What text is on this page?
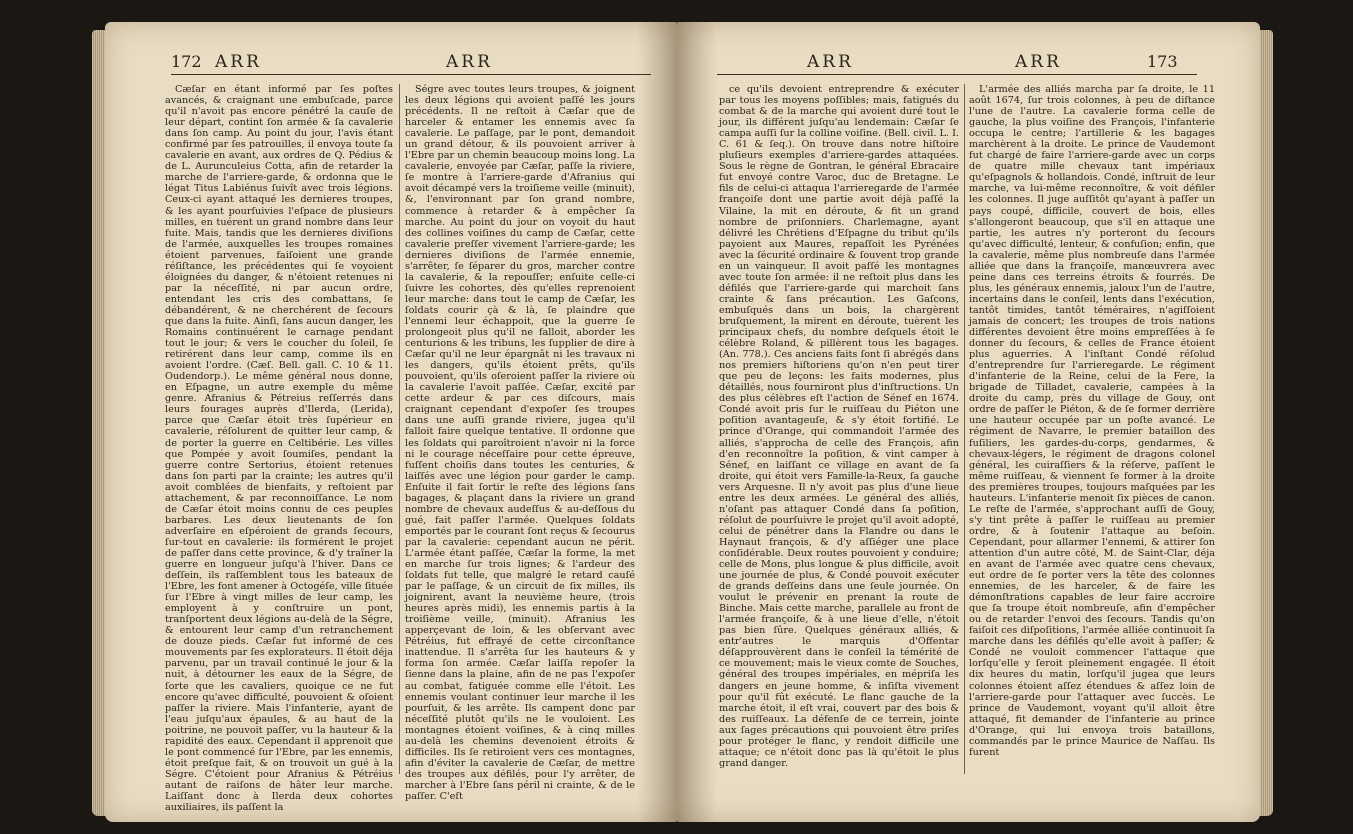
172 ARR	ARR

Cæſar en étant informé par ſes poſtes avancés, & craignant une embuſcade, parce qu'il n'avoit pas encore pénétré la cauſe de leur départ, contint ſon armée & ſa cavalerie dans ſon camp. Au point du jour, l'avis étant confirmé par ſes patrouilles, il envoya toute ſa cavalerie en avant, aux ordres de Q. Pédius & de L. Aurunculeius Cotta, afin de retarder la marche de l'arriere-garde, & ordonna que le légat Titus Labiénus ſuivît avec trois légions. Ceux-ci ayant attaqué les dernieres troupes, & les ayant pourſuivies l'eſpace de plusieurs milles, en tuérent un grand nombre dans leur fuite. Mais, tandis que les dernieres diviſions de l'armée, auxquelles les troupes romaines étoient parvenues, faiſoient une grande réſiſtance, les précédentes qui ſe voyoient éloignées du danger, & n'étoient retenues ni par la néceſſité, ni par aucun ordre, entendant les cris des combattans, ſe débandérent, & ne cherchérent de ſecours que dans la fuite. Ainſi, ſans aucun danger, les Romains continuérent le carnage pendant tout le jour; & vers le coucher du ſoleil, ſe retirérent dans leur camp, comme ils en avoient l'ordre. (Cæſ. Bell. gall. C. 10 & 11. Oudendorp.). Le même général nous donne, en Eſpagne, un autre exemple du même genre. Afranius & Pétreius reſſerrés dans leurs fourages auprès d'Ilerda, (Lerida), parce que Cæſar étoit très ſupérieur en cavalerie, réſolurent de quitter leur camp, & de porter la guerre en Celtibérie. Les villes que Pompée y avoit ſoumiſes, pendant la guerre contre Sertorius, étoient retenues dans ſon parti par la crainte; les autres qu'il avoit comblées de bienfaits, y reſtoient par attachement, & par reconnoiſſance. Le nom de Cæſar étoit moins connu de ces peuples barbares. Les deux lieutenants de ſon adverſaire en eſpéroient de grands ſecours, ſur-tout en cavalerie: ils formérent le projet de paſſer dans cette province, & d'y traîner la guerre en longueur juſqu'à l'hiver. Dans ce deſſein, ils raſſemblent tous les bateaux de l'Ebre, les font amener à Octogéſe, ville ſituée ſur l'Ebre à vingt milles de leur camp, les employent à y conſtruire un pont, tranſportent deux légions au-delà de la Ségre, & entourent leur camp d'un retranchement de douze pieds. Cæſar fut informé de ces mouvements par ſes explorateurs. Il étoit déja parvenu, par un travail continué le jour & la nuit, à détourner les eaux de la Ségre, de ſorte que les cavaliers, quoique ce ne fut encore qu'avec difficulté, pouvoient & oſoient paſſer la riviere. Mais l'infanterie, ayant de l'eau juſqu'aux épaules, & au haut de la poitrine, ne pouvoit paſſer, vu la hauteur & la rapidité des eaux. Cependant il apprenoit que le pont commencé ſur l'Ebre, par les ennemis, étoit preſque fait, & on trouvoit un gué à la Ségre. C'étoient pour Afranius & Pétréius autant de raiſons de hâter leur marche. Laiſſant donc à Ilerda deux cohortes auxiliaires, ils paſſent la

Ségre avec toutes leurs troupes, & joignent les deux légions qui avoient paſſé les jours précédents. Il ne reſtoit à Cæſar que de harceler & entamer les ennemis avec ſa cavalerie. Le paſſage, par le pont, demandoit un grand détour, & ils pouvoient arriver à l'Ebre par un chemin beaucoup moins long. La cavalerie, envoyée par Cæſar, paſſe la riviere, ſe montre à l'arriere-garde d'Afranius qui avoit décampé vers la troiſieme veille (minuit), &, l'environnant par ſon grand nombre, commence à retarder & à empêcher ſa marche. Au point du jour on voyoit du haut des collines voiſines du camp de Cæſar, cette cavalerie preſſer vivement l'arriere-garde; les dernieres diviſions de l'armée ennemie, s'arrêter, ſe ſéparer du gros, marcher contre la cavalerie, & la repouſſer; enſuite celle-ci ſuivre les cohortes, dès qu'elles reprenoient leur marche: dans tout le camp de Cæſar, les ſoldats courir çà & là, ſe plaindre que l'ennemi leur échappoit, que la guerre ſe prolongeoit plus qu'il ne falloit, aborder les centurions & les tribuns, les ſupplier de dire à Cæſar qu'il ne leur épargnât ni les travaux ni les dangers, qu'ils étoient prêts, qu'ils pouvoient, qu'ils oſeroient paſſer la riviere où la cavalerie l'avoit paſſée. Cæſar, excité par cette ardeur & par ces diſcours, mais craignant cependant d'expoſer ſes troupes dans une auſſi grande riviere, jugea qu'il falloit faire quelque tentative. Il ordonne que les ſoldats qui paroîtroient n'avoir ni la force ni le courage néceſſaire pour cette épreuve, fuſſent choiſis dans toutes les centuries, & laiſſés avec une légion pour garder le camp. Enſuite il fait ſortir le reſte des légions ſans bagages, & plaçant dans la riviere un grand nombre de chevaux audeſſus & au-deſſous du gué, fait paſſer l'armée. Quelques ſoldats emportés par le courant ſont reçus & ſecourus par la cavalerie: cependant aucun ne périt. L'armée étant paſſée, Cæſar la forme, la met en marche ſur trois lignes; & l'ardeur des ſoldats fut telle, que malgré le retard cauſé par le paſſage, & un circuit de ſix milles, ils joignirent, avant la neuvième heure, (trois heures après midi), les ennemis partis à la troiſième veille, (minuit). Afranius les apperçevant de loin, & les obſervant avec Pétréius, fut effrayé de cette circonſtance inattendue. Il s'arrêta ſur les hauteurs & y forma ſon armée. Cæſar laiſſa repoſer la ſienne dans la plaine, afin de ne pas l'expoſer au combat, fatiguée comme elle l'étoit. Les ennemis voulant continuer leur marche il les pourſuit, & les arrête. Ils campent donc par néceſſité plutôt qu'ils ne le vouloient. Les montagnes étoient voiſines, & à cinq milles au-delà les chemins devenoient étroits & difficiles. Ils ſe retiroient vers ces montagnes, afin d'éviter la cavalerie de Cæſar, de mettre des troupes aux défilés, pour l'y arrêter, de marcher à l'Ebre ſans péril ni crainte, & de le paſſer. C'eſt

ARR	ARR	173

ce qu'ils devoient entreprendre & exécuter par tous les moyens poſſibles; mais, fatigués du combat & de la marche qui avoient duré tout le jour, ils différent juſqu'au lendemain: Cæſar ſe campa auſſi ſur la colline voiſine. (Bell. civil. L. I. C. 61 & ſeq.). On trouve dans notre hiſtoire pluſieurs exemples d'arriere-gardes attaquées. Sous le règne de Gontran, le général Ebracaire fut envoyé contre Varoc, duc de Bretagne. Le fils de celui-ci attaqua l'arrieregarde de l'armée françoiſe dont une partie avoit déjà paſſé la Vilaine, la mit en déroute, & fit un grand nombre de priſonniers. Charlemagne, ayant délivré les Chrétiens d'Eſpagne du tribut qu'ils payoient aux Maures, repaſſoit les Pyrénées avec la ſécurité ordinaire & ſouvent trop grande en un vainqueur. Il avoit paſſé les montagnes avec toute ſon armée: il ne reſtoit plus dans les défilés que l'arriere-garde qui marchoit ſans crainte & ſans précaution. Les Gaſcons, embuſqués dans un bois, la chargèrent bruſquement, la mirent en déroute, tuèrent les principaux chefs, du nombre deſquels étoit le célèbre Roland, & pillèrent tous les bagages. (An. 778.). Ces anciens faits ſont ſi abrégés dans nos premiers hiſtoriens qu'on n'en peut tirer que peu de leçons: les faits modernes, plus détaillés, nous fourniront plus d'inſtructions. Un des plus célèbres eſt l'action de Sénef en 1674. Condé avoit pris ſur le ruiſſeau du Piéton une poſition avantageuſe, & s'y étoit fortifié. Le prince d'Orange, qui commandoit l'armée des alliés, s'approcha de celle des François, afin d'en reconnoître la poſition, & vint camper à Sénef, en laiſſant ce village en avant de ſa droite, qui étoit vers Famille-la-Reux, ſa gauche vers Arquesne. Il n'y avoit pas plus d'une lieue entre les deux armées. Le général des alliés, n'oſant pas attaquer Condé dans ſa poſition, réſolut de pourſuivre le projet qu'il avoit adopté, celui de pénétrer dans la Flandre ou dans le Haynaut françois, & d'y aſſiéger une place conſidérable. Deux routes pouvoient y conduire; celle de Mons, plus longue & plus difficile, avoit une journée de plus, & Condé pouvoit exécuter de grands deſſeins dans une ſeule journée. On voulut le prévenir en prenant la route de Binche. Mais cette marche, parallele au front de l'armée françoiſe, & à une lieue d'elle, n'étoit pas bien ſûre. Quelques généraux alliés, & entr'autres le marquis d'Offentar déſapprouvèrent dans le conſeil la témérité de ce mouvement; mais le vieux comte de Souches, général des troupes impériales, en mépriſa les dangers en jeune homme, & inſiſta vivement pour qu'il fût exécuté. Le flanc gauche de la marche étoit, il eſt vrai, couvert par des bois & des ruiſſeaux. La défenſe de ce terrein, jointe aux ſages précautions qui pouvoient être priſes pour protéger le flanc, y rendoit difficile une attaque; ce n'étoit donc pas là qu'étoit le plus grand danger.

L'armée des alliés marcha par ſa droite, le 11 août 1674, ſur trois colonnes, à peu de diſtance l'une de l'autre. La cavalerie forma celle de gauche, la plus voiſine des François, l'infanterie occupa le centre; l'artillerie & les bagages marchèrent à la droite. Le prince de Vaudemont fut chargé de faire l'arriere-garde avec un corps de quatre mille chevaux tant impériaux qu'eſpagnols & hollandois. Condé, inſtruit de leur marche, va lui-même reconnoître, & voit défiler les colonnes. Il juge auſſitôt qu'ayant à paſſer un pays coupé, difficile, couvert de bois, elles s'allongeront beaucoup, que s'il en attaque une partie, les autres n'y porteront du ſecours qu'avec difficulté, lenteur, & confuſion; enfin, que la cavalerie, même plus nombreuſe dans l'armée alliée que dans la françoiſe, manœuvrera avec peine dans ces terreins étroits & fourrés. De plus, les généraux ennemis, jaloux l'un de l'autre, incertains dans le conſeil, lents dans l'exécution, tantôt timides, tantôt téméraires, n'agiſſoient jamais de concert; les troupes de trois nations différentes devoient être moins empreſſées à ſe donner du ſecours, & celles de France étoient plus aguerries. A l'inſtant Condé réſolud d'entreprendre ſur l'arrieregarde. Le régiment d'infanterie de la Reine, celui de la Fere, la brigade de Tilladet, cavalerie, campées à la droite du camp, près du village de Gouy, ont ordre de paſſer le Piéton, & de ſe former derrière une hauteur occupée par un poſte avancé. Le régiment de Navarre, le premier bataillon des fuſiliers, les gardes-du-corps, gendarmes, & chevaux-légers, le régiment de dragons colonel général, les cuiraſſiers & la réſerve, paſſent le même ruiſſeau, & viennent ſe former à la droite des premières troupes, toujours maſquées par les hauteurs. L'infanterie menoit ſix pièces de canon. Le reſte de l'armée, s'approchant auſſi de Gouy, s'y tint prête à paſſer le ruiſſeau au premier ordre, & à ſoutenir l'attaque au beſoin. Cependant, pour allarmer l'ennemi, & attirer ſon attention d'un autre côté, M. de Saint-Clar, déja en avant de l'armée avec quatre cens chevaux, eut ordre de ſe porter vers la tête des colonnes ennemies, de les harceler, & de faire les démonſtrations capables de leur faire accroire que ſa troupe étoit nombreuſe, afin d'empêcher ou de retarder l'envoi des ſecours. Tandis qu'on faiſoit ces diſpoſitions, l'armée alliée continuoit ſa marche dans les défilés qu'elle avoit à paſſer; & Condé ne vouloit commencer l'attaque que lorſqu'elle y ſeroit pleinement engagée. Il étoit dix heures du matin, lorſqu'il jugea que leurs colonnes étoient aſſez étendues & aſſez loin de l'arriere-garde pour l'attaquer avec ſuccès. Le prince de Vaudemont, voyant qu'il alloit être attaqué, fit demander de l'infanterie au prince d'Orange, qui lui envoya trois bataillons, commandés par le prince Maurice de Naſſau. Ils furent
